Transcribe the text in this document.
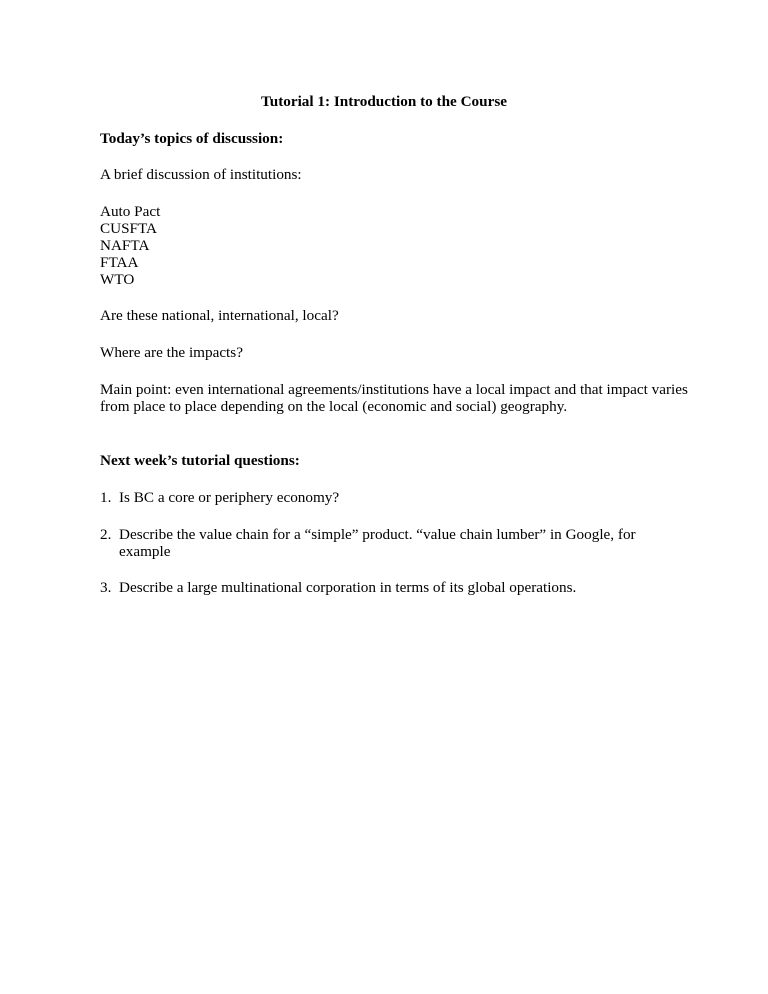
Tutorial 1: Introduction to the Course
Today’s topics of discussion:
A brief discussion of institutions:
Auto Pact
CUSFTA
NAFTA
FTAA
WTO
Are these national, international, local?
Where are the impacts?
Main point: even international agreements/institutions have a local impact and that impact varies
from place to place depending on the local (economic and social) geography.
Next week’s tutorial questions:
1. Is BC a core or periphery economy?
2. Describe the value chain for a “simple” product. “value chain lumber” in Google, for
example
3. Describe a large multinational corporation in terms of its global operations.
